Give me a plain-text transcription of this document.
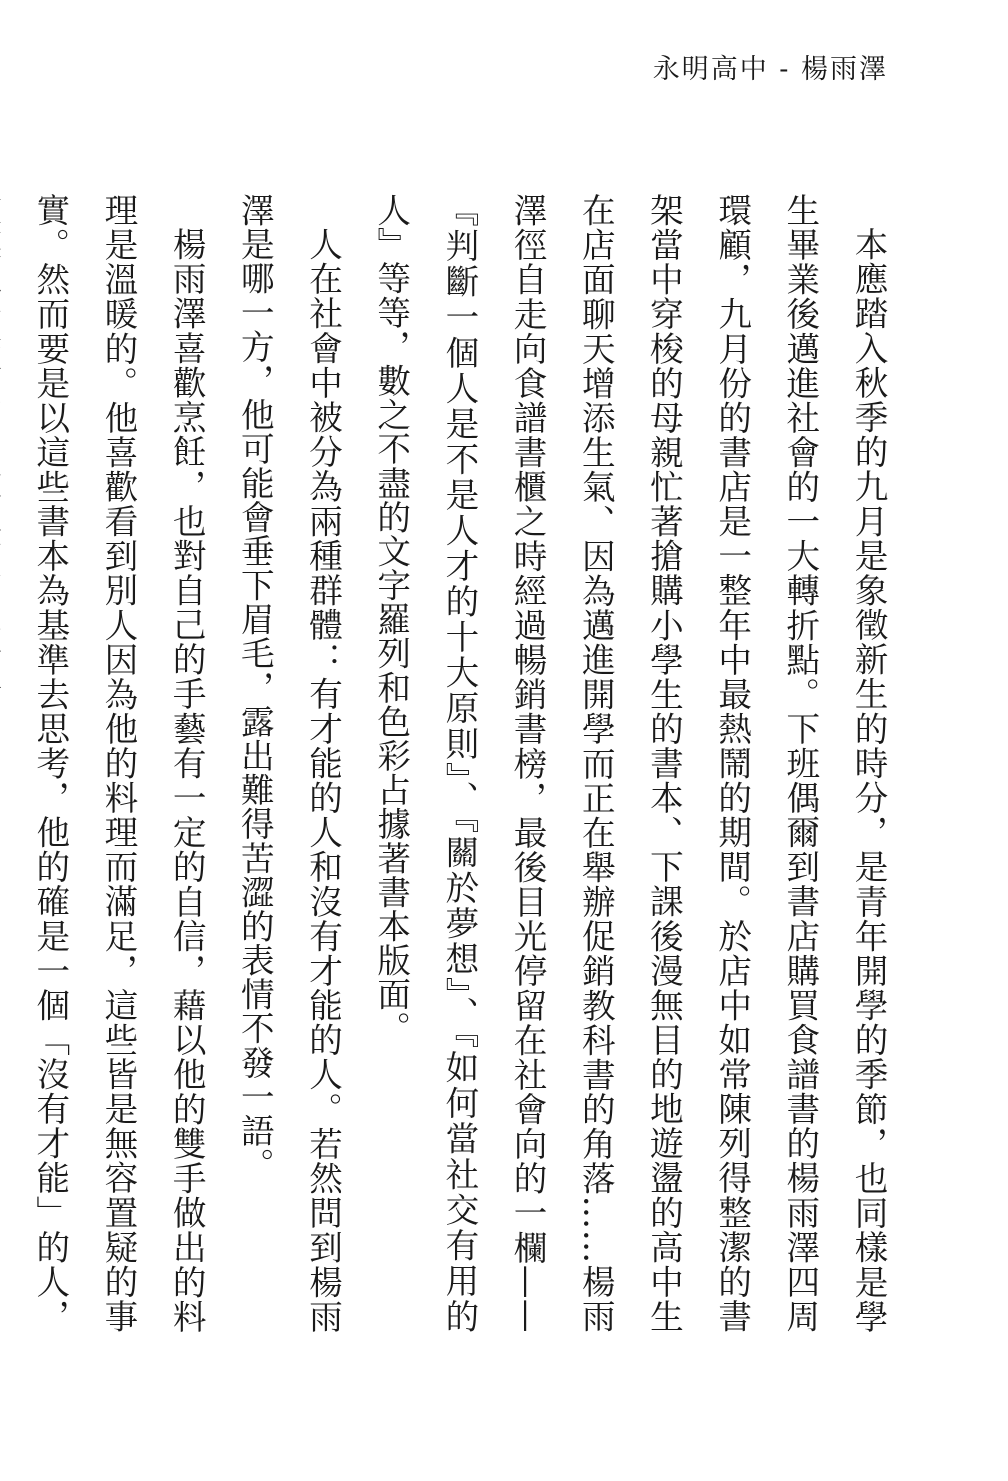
永明高中 - 楊雨澤

本應踏入秋季的九月是象徵新生的時分，是青年開學的季節，也同樣是學生畢業後邁進社會的一大轉折點。下班偶爾到書店購買食譜書的楊雨澤四周環顧，九月份的書店是一整年中最熱鬧的期間。於店中如常陳列得整潔的書架當中穿梭的母親忙著搶購小學生的書本、下課後漫無目的地遊盪的高中生在店面聊天增添生氣、因為邁進開學而正在舉辦促銷教科書的角落……楊雨澤徑自走向食譜書櫃之時經過暢銷書榜，最後目光停留在社會向的一欄——『判斷一個人是不是人才的十大原則』、『關於夢想』、『如何當社交有用的人』等等，數之不盡的文字羅列和色彩占據著書本版面。

人在社會中被分為兩種群體：有才能的人和沒有才能的人。若然問到楊雨澤是哪一方，他可能會垂下眉毛，露出難得苦澀的表情不發一語。

楊雨澤喜歡烹飪，也對自己的手藝有一定的自信，藉以他的雙手做出的料理是溫暖的。他喜歡看到別人因為他的料理而滿足，這些皆是無容置疑的事實。然而要是以這些書本為基準去思考，他的確是一個「沒有才能」的人，
